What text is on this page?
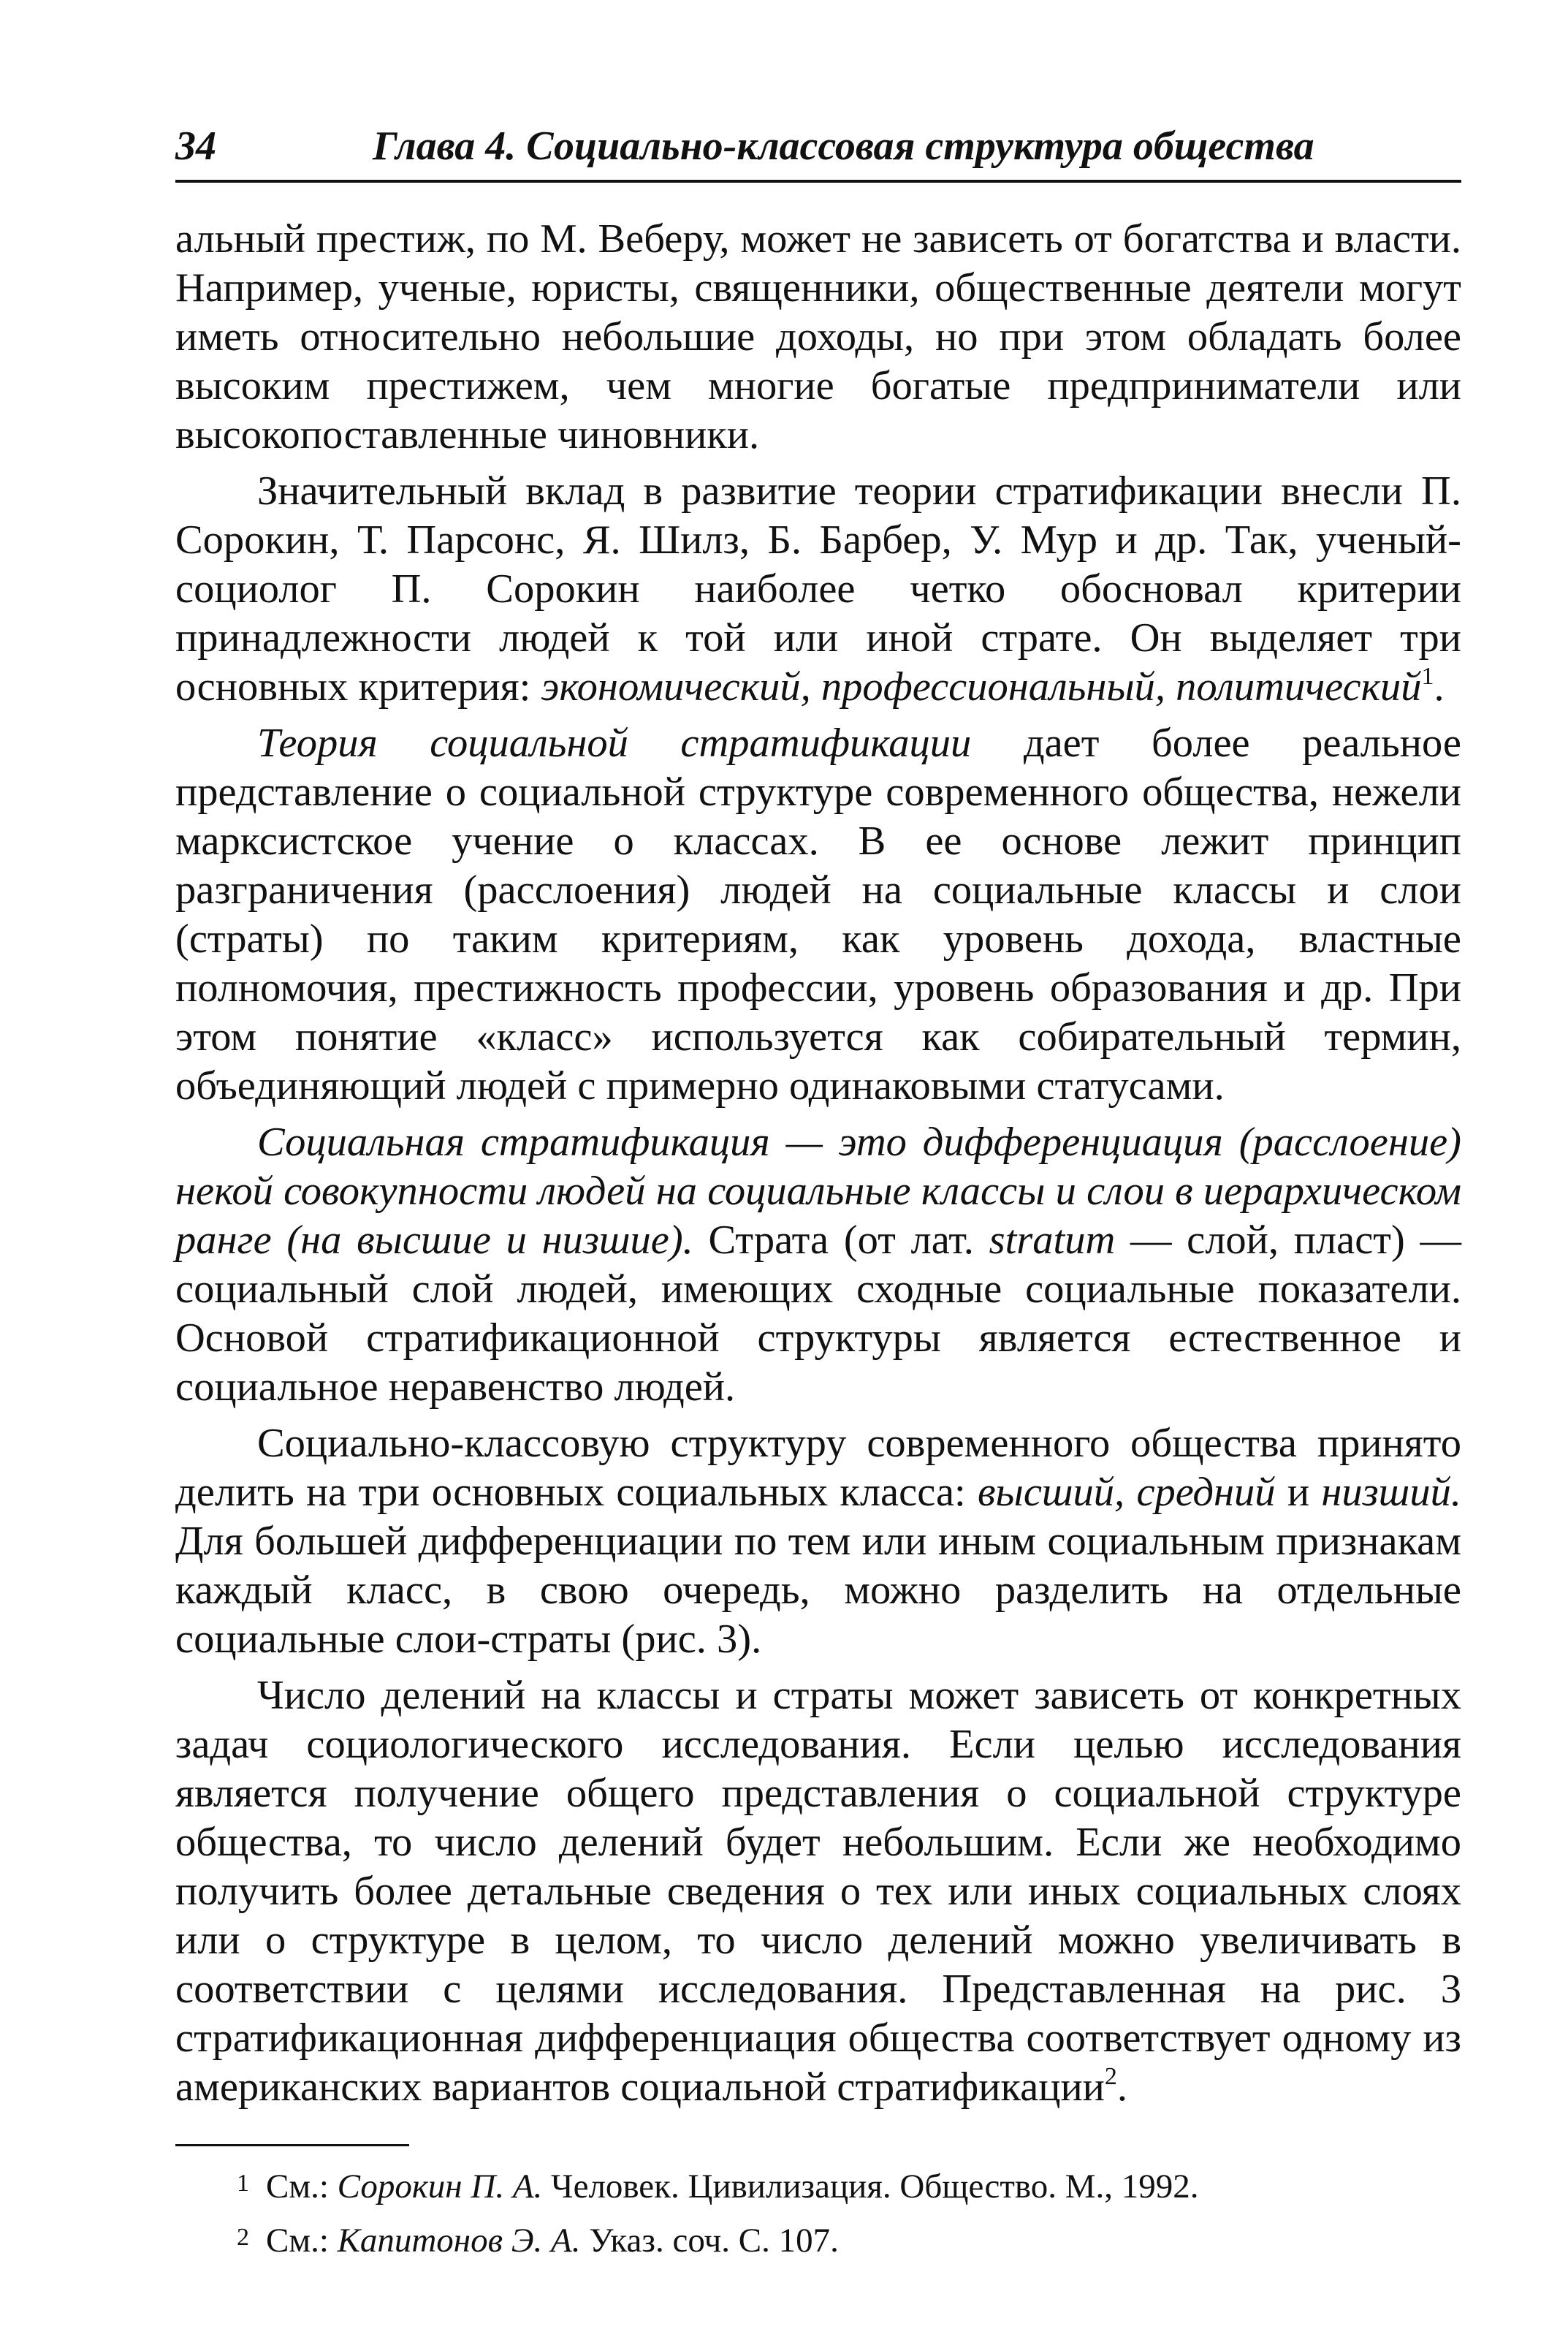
34	Глава 4. Социально-классовая структура общества

альный престиж, по М. Веберу, может не зависеть от богатства и власти. Например, ученые, юристы, священники, общественные деятели могут иметь относительно небольшие доходы, но при этом обладать более высоким престижем, чем многие богатые предприниматели или высокопоставленные чиновники.

Значительный вклад в развитие теории стратификации внесли П. Сорокин, Т. Парсонс, Я. Шилз, Б. Барбер, У. Мур и др. Так, ученый-социолог П. Сорокин наиболее четко обосновал критерии принадлежности людей к той или иной страте. Он выделяет три основных критерия: экономический, профессиональный, политический$^1$.

Теория социальной стратификации дает более реальное представление о социальной структуре современного общества, нежели марксистское учение о классах. В ее основе лежит принцип разграничения (расслоения) людей на социальные классы и слои (страты) по таким критериям, как уровень дохода, властные полномочия, престижность профессии, уровень образования и др. При этом понятие «класс» используется как собирательный термин, объединяющий людей с примерно одинаковыми статусами.

Социальная стратификация — это дифференциация (расслоение) некой совокупности людей на социальные классы и слои в иерархическом ранге (на высшие и низшие). Страта (от лат. stratum — слой, пласт) — социальный слой людей, имеющих сходные социальные показатели. Основой стратификационной структуры является естественное и социальное неравенство людей.

Социально-классовую структуру современного общества принято делить на три основных социальных класса: высший, средний и низший. Для большей дифференциации по тем или иным социальным признакам каждый класс, в свою очередь, можно разделить на отдельные социальные слои-страты (рис. 3).

Число делений на классы и страты может зависеть от конкретных задач социологического исследования. Если целью исследования является получение общего представления о социальной структуре общества, то число делений будет небольшим. Если же необходимо получить более детальные сведения о тех или иных социальных слоях или о структуре в целом, то число делений можно увеличивать в соответствии с целями исследования. Представленная на рис. 3 стратификационная дифференциация общества соответствует одному из американских вариантов социальной стратификации$^2$.

1 См.: Сорокин П. А. Человек. Цивилизация. Общество. М., 1992.
2 См.: Капитонов Э. А. Указ. соч. С. 107.
